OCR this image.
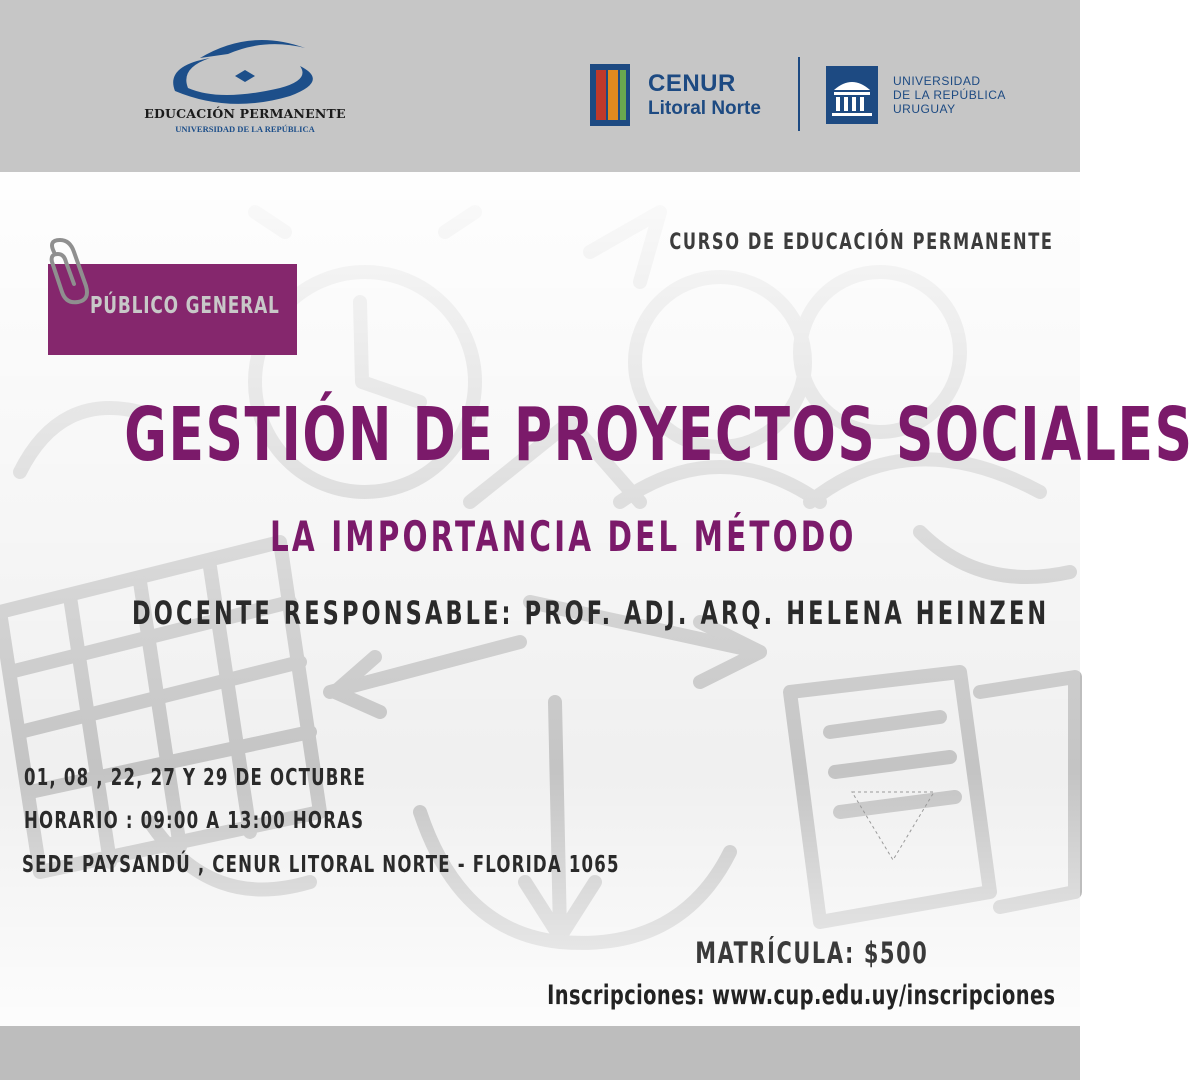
EDUCACIÓN PERMANENTE
UNIVERSIDAD DE LA REPÚBLICA
CENUR
Litoral Norte
UNIVERSIDAD
DE LA REPÚBLICA
URUGUAY
CURSO DE EDUCACIÓN PERMANENTE
PÚBLICO GENERAL
GESTIÓN DE PROYECTOS SOCIALES
LA IMPORTANCIA DEL MÉTODO
DOCENTE RESPONSABLE: PROF. ADJ. ARQ. HELENA HEINZEN
01, 08 , 22, 27 Y 29 DE OCTUBRE
HORARIO : 09:00 A 13:00 HORAS
SEDE PAYSANDÚ , CENUR LITORAL NORTE - FLORIDA 1065
MATRÍCULA: $500
Inscripciones: www.cup.edu.uy/inscripciones
